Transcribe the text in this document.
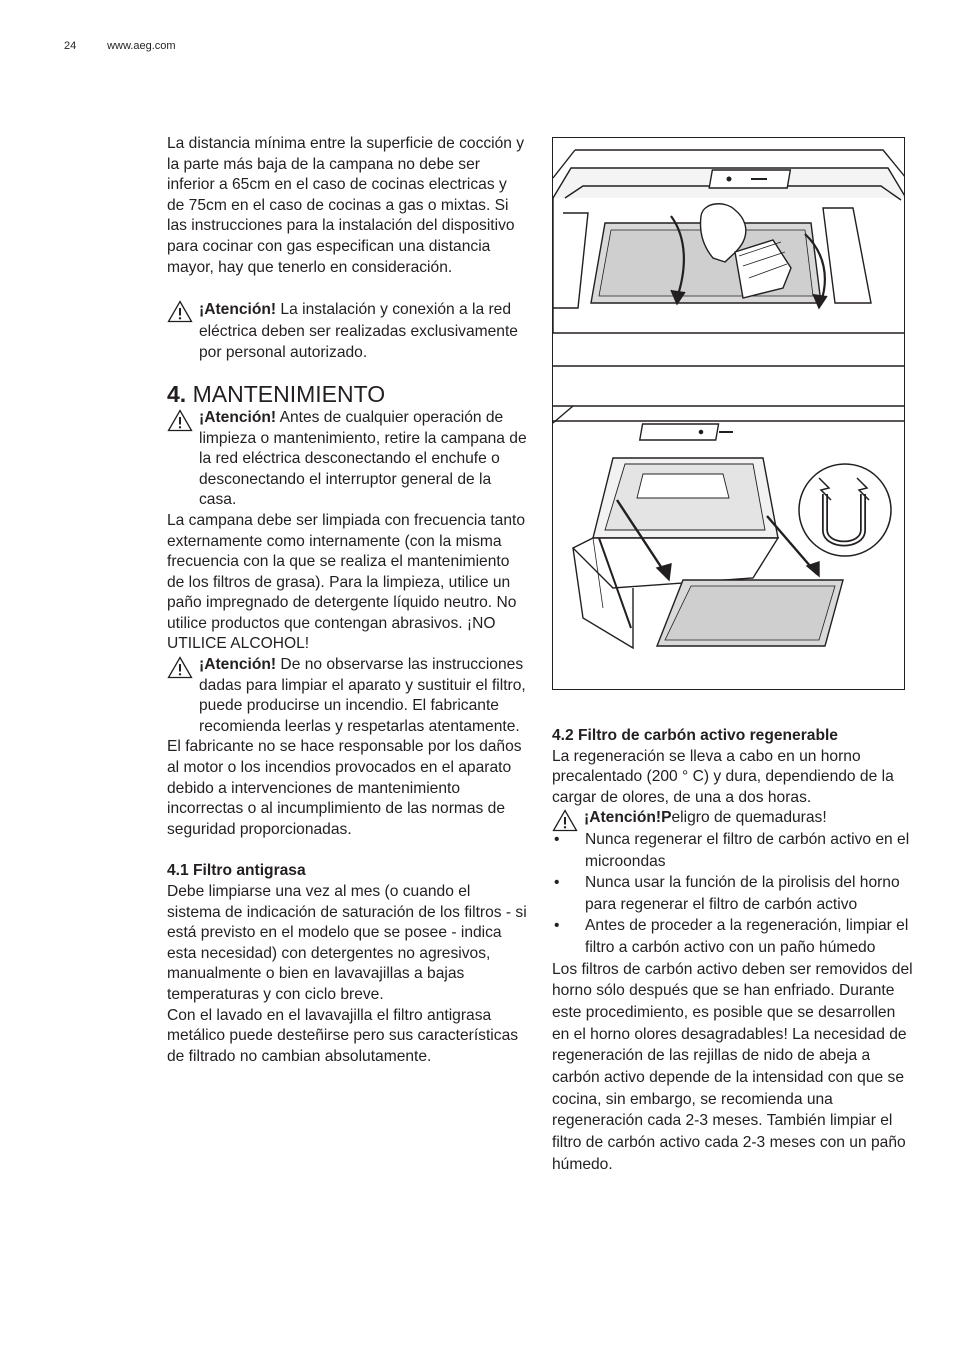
24	www.aeg.com

La distancia mínima entre la superficie de cocción y la parte más baja de la campana no debe ser inferior a 65cm en el caso de cocinas electricas y de 75cm en el caso de cocinas a gas o mixtas. Si las instrucciones para la instalación del dispositivo para cocinar con gas especifican una distancia mayor, hay que tenerlo en consideración.

¡Atención! La instalación y conexión a la red eléctrica deben ser realizadas exclusivamente por personal autorizado.

4. MANTENIMIENTO

¡Atención! Antes de cualquier operación de limpieza o mantenimiento, retire la campana de la red eléctrica desconectando el enchufe o desconectando el interruptor general de la casa.

La campana debe ser limpiada con frecuencia tanto externamente como internamente (con la misma frecuencia con la que se realiza el mantenimiento de los filtros de grasa). Para la limpieza, utilice un paño impregnado de detergente líquido neutro. No utilice productos que contengan abrasivos. ¡NO UTILICE ALCOHOL!

¡Atención! De no observarse las instrucciones dadas para limpiar el aparato y sustituir el filtro, puede producirse un incendio. El fabricante recomienda leerlas y respetarlas atentamente.

El fabricante no se hace responsable por los daños al motor o los incendios provocados en el aparato debido a intervenciones de mantenimiento incorrectas o al incumplimiento de las normas de seguridad proporcionadas.

4.1 Filtro antigrasa

Debe limpiarse una vez al mes (o cuando el sistema de indicación de saturación de los filtros - si está previsto en el modelo que se posee - indica esta necesidad) con detergentes no agresivos, manualmente o bien en lavavajillas a bajas temperaturas y con ciclo breve.

Con el lavado en el lavavajilla el filtro antigrasa metálico puede desteñirse pero sus características de filtrado no cambian absolutamente.

4.2 Filtro de carbón activo regenerable

La regeneración se lleva a cabo en un horno precalentado (200 ° C) y dura, dependiendo de la cargar de olores, de una a dos horas.

¡Atención!Peligro de quemaduras!

• Nunca regenerar el filtro de carbón activo en el microondas

• Nunca usar la función de la pirolisis del horno para regenerar el filtro de carbón activo

• Antes de proceder a la regeneración, limpiar el filtro a carbón activo con un paño húmedo

Los filtros de carbón activo deben ser removidos del horno sólo después que se han enfriado. Durante este procedimiento, es posible que se desarrollen en el horno olores desagradables! La necesidad de regeneración de las rejillas de nido de abeja a carbón activo depende de la intensidad con que se cocina, sin embargo, se recomienda una regeneración cada 2-3 meses. También limpiar el filtro de carbón activo cada 2-3 meses con un paño húmedo.
